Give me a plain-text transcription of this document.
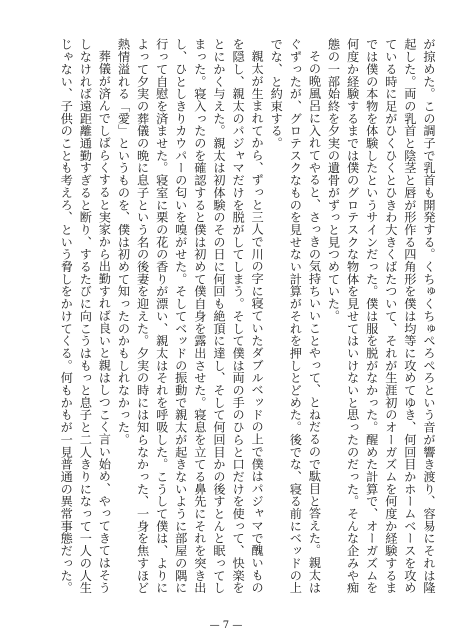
が掠めた。この調子で乳首も開発する。くちゅくちゅぺろぺろという音が響き渡り、容易にそれは隆起した。両の乳首と陰茎と唇が形作る四角形を僕は均等に攻めてゆき、何回目かホームベースを攻めている時に足がひくひくとひきわ大きくばたついて、それが生涯初のオーガズムを何度か経験するまでは僕の本物を体験したというサインだった。僕は服を脱がなかった。醒めた計算で、オーガズムを何度か経験するまでは僕のグロテスクな物体を見せてはいけないと思ったのだった。そんな企みや痴態の一部始終を夕実の遺骨がずっと見つめていた。

その晩風呂に入れてやると、さっきの気持ちいいことやって、とねだるので駄目と答えた。親太はぐずったが、グロテスクなものを見せない計算がそれを押しとどめた。後でな、寝る前にベッドの上でな、と約束する。

親太が生まれてから、ずっと三人で川の字に寝ていたダブルベッドの上で僕はパジャマで醜いものを隠し、親太のパジャマだけを脱がしてしまう。そして僕は両の手のひらと口だけを使って、快楽をとにかく与えた。親太は初体験のその日に何回も絶頂に達し、そして何回目かの後すとんと眠ってしまった。寝入ったのを確認すると僕は初めて僕自身を露出させた。寝息を立てる鼻先にそれを突き出し、ひとしきりカウパーの匂いを嗅がせた。そしてベッドの振動で親太が起きないように部屋の隅に行って自慰を済ませた。寝室に栗の花の香りが漂い、親太はそれを呼吸した。こうして僕は、よりによって夕実の葬儀の晩に息子という名の後妻を迎えた。夕実の時には知らなかった、一身を焦すほど熱情溢れる「愛」というものを、僕は初めて知ったのかもしれなかった。

葬儀が済んでしばらくすると実家から出勤すれば良いと親はしつこく言い始め、やってきてはそうしなければ遠距離通勤すぎると断り、するたびに向こうはもっと息子と二人きりになって一人の人生じゃない、子供のことも考えろ、という脅しをかけてくる。何もかもが一見普通の異常事態だった。

— 7 —
